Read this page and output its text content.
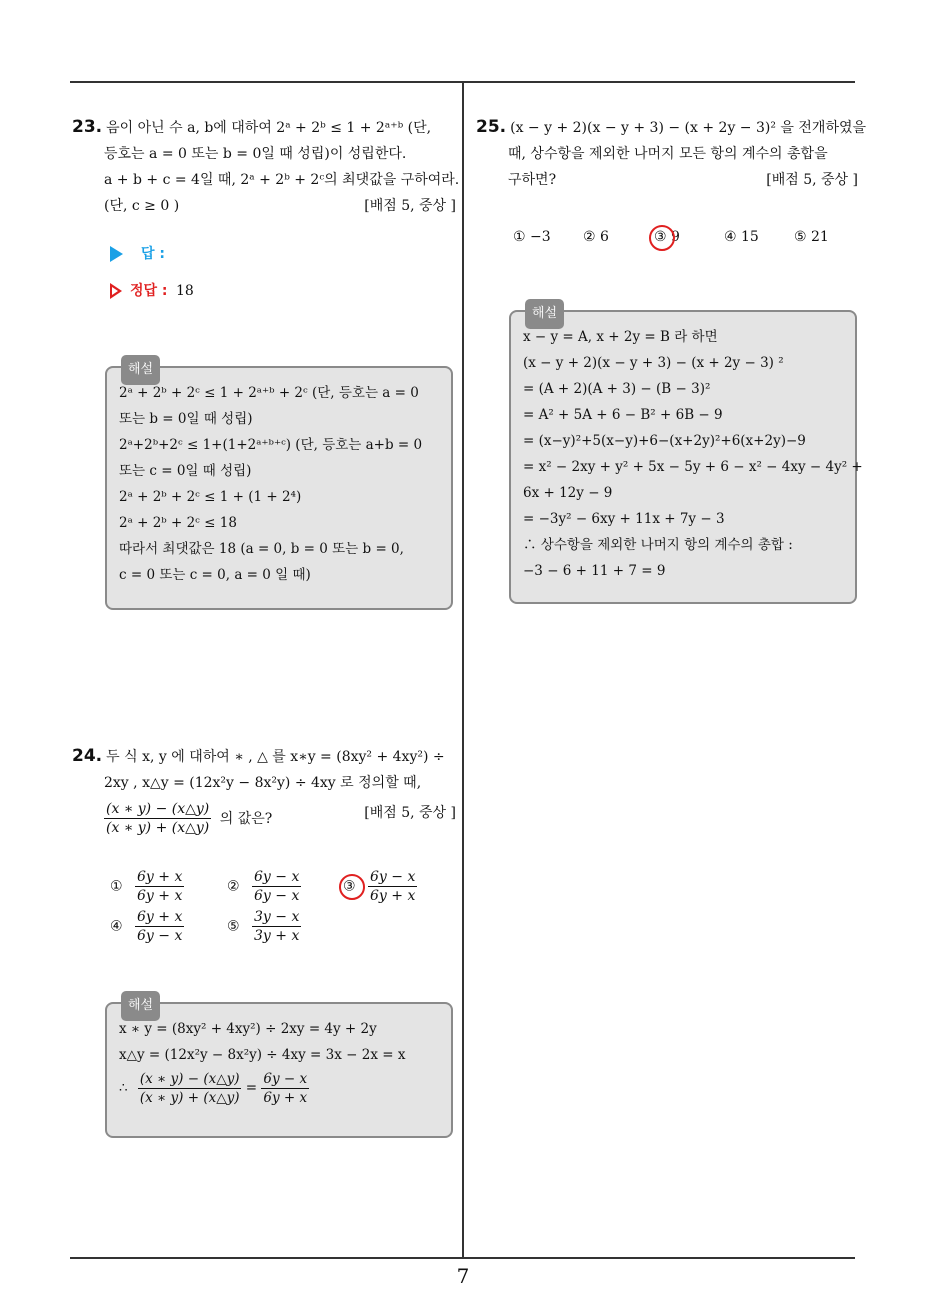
7
23. 음이 아닌 수 a, b에 대하여 2ᵃ + 2ᵇ ≤ 1 + 2ᵃ⁺ᵇ (단,
등호는 a = 0 또는 b = 0일 때 성립)이 성립한다.
a + b + c = 4일 때, 2ᵃ + 2ᵇ + 2ᶜ의 최댓값을 구하여라.
(단, c ≥ 0 )	[배점 5, 중상 ]
답 :
정답 : 18
해설
2ᵃ + 2ᵇ + 2ᶜ ≤ 1 + 2ᵃ⁺ᵇ + 2ᶜ (단, 등호는 a = 0
또는 b = 0일 때 성립)
2ᵃ+2ᵇ+2ᶜ ≤ 1+(1+2ᵃ⁺ᵇ⁺ᶜ) (단, 등호는 a+b = 0
또는 c = 0일 때 성립)
2ᵃ + 2ᵇ + 2ᶜ ≤ 1 + (1 + 2⁴)
2ᵃ + 2ᵇ + 2ᶜ ≤ 18
따라서 최댓값은 18 (a = 0, b = 0 또는 b = 0,
c = 0 또는 c = 0, a = 0 일 때)
24. 두 식 x, y 에 대하여 ∗ , △ 를 x∗y = (8xy² + 4xy²) ÷
2xy , x△y = (12x²y − 8x²y) ÷ 4xy 로 정의할 때,
$\frac{(x ∗ y) - (x\triangle y)}{(x ∗ y) + (x\triangle y)}$ 의 값은?	[배점 5, 중상 ]
① $\frac{6y + x}{6y + x}$	② $\frac{6y - x}{6y - x}$	③ $\frac{6y - x}{6y + x}$
④ $\frac{6y + x}{6y - x}$	⑤ $\frac{3y - x}{3y + x}$
해설
x ∗ y = (8xy² + 4xy²) ÷ 2xy = 4y + 2y
x△y = (12x²y − 8x²y) ÷ 4xy = 3x − 2x = x
∴ $\frac{(x ∗ y) - (x\triangle y)}{(x ∗ y) + (x\triangle y)} = \frac{6y - x}{6y + x}$
25. (x − y + 2)(x − y + 3) − (x + 2y − 3)² 을 전개하였을
때, 상수항을 제외한 나머지 모든 항의 계수의 총합을
구하면?	[배점 5, 중상 ]
① −3 ② 6	③ 9	④ 15	⑤ 21
해설
x − y = A, x + 2y = B 라 하면
(x − y + 2)(x − y + 3) − (x + 2y − 3) ²
= (A + 2)(A + 3) − (B − 3)²
= A² + 5A + 6 − B² + 6B − 9
= (x−y)²+5(x−y)+6−(x+2y)²+6(x+2y)−9
= x² − 2xy + y² + 5x − 5y + 6 − x² − 4xy − 4y² +
6x + 12y − 9
= −3y² − 6xy + 11x + 7y − 3
∴ 상수항을 제외한 나머지 항의 계수의 총합 :
−3 − 6 + 11 + 7 = 9
